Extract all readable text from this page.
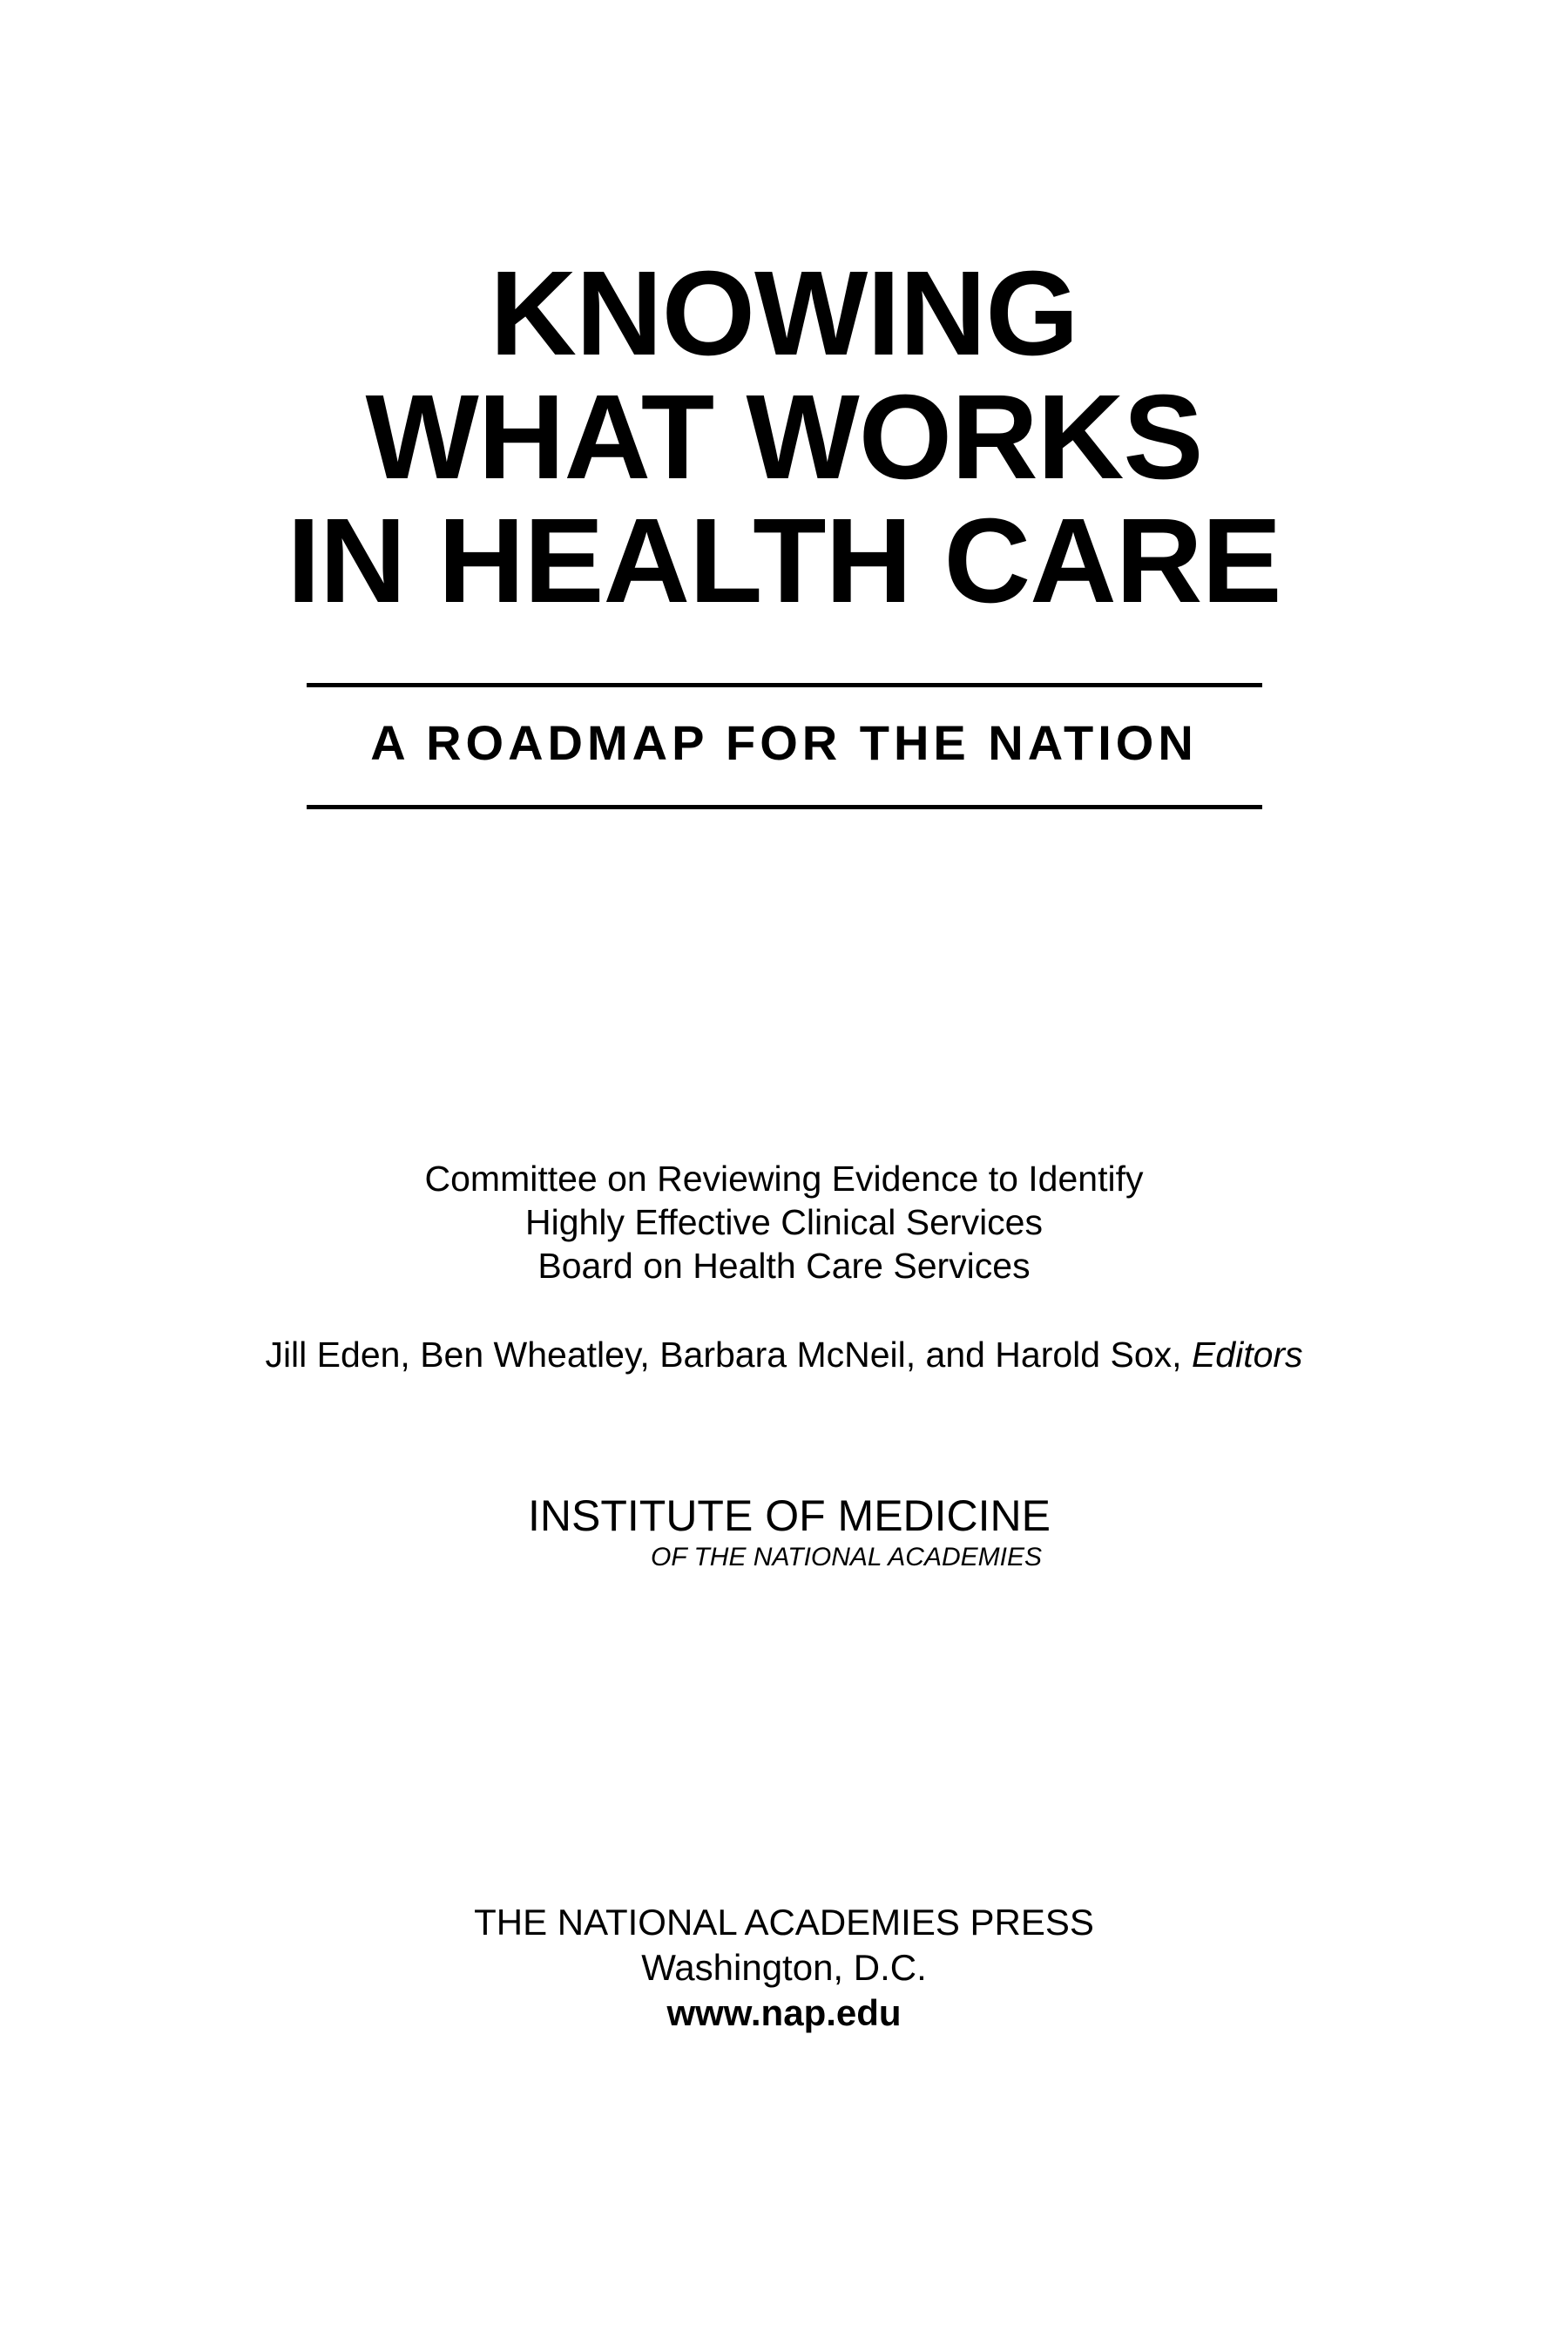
KNOWING
WHAT WORKS
IN HEALTH CARE
A ROADMAP FOR THE NATION
Committee on Reviewing Evidence to Identify
Highly Effective Clinical Services
Board on Health Care Services
Jill Eden, Ben Wheatley, Barbara McNeil, and Harold Sox, Editors
INSTITUTE OF MEDICINE
OF THE NATIONAL ACADEMIES
THE NATIONAL ACADEMIES PRESS
Washington, D.C.
www.nap.edu
